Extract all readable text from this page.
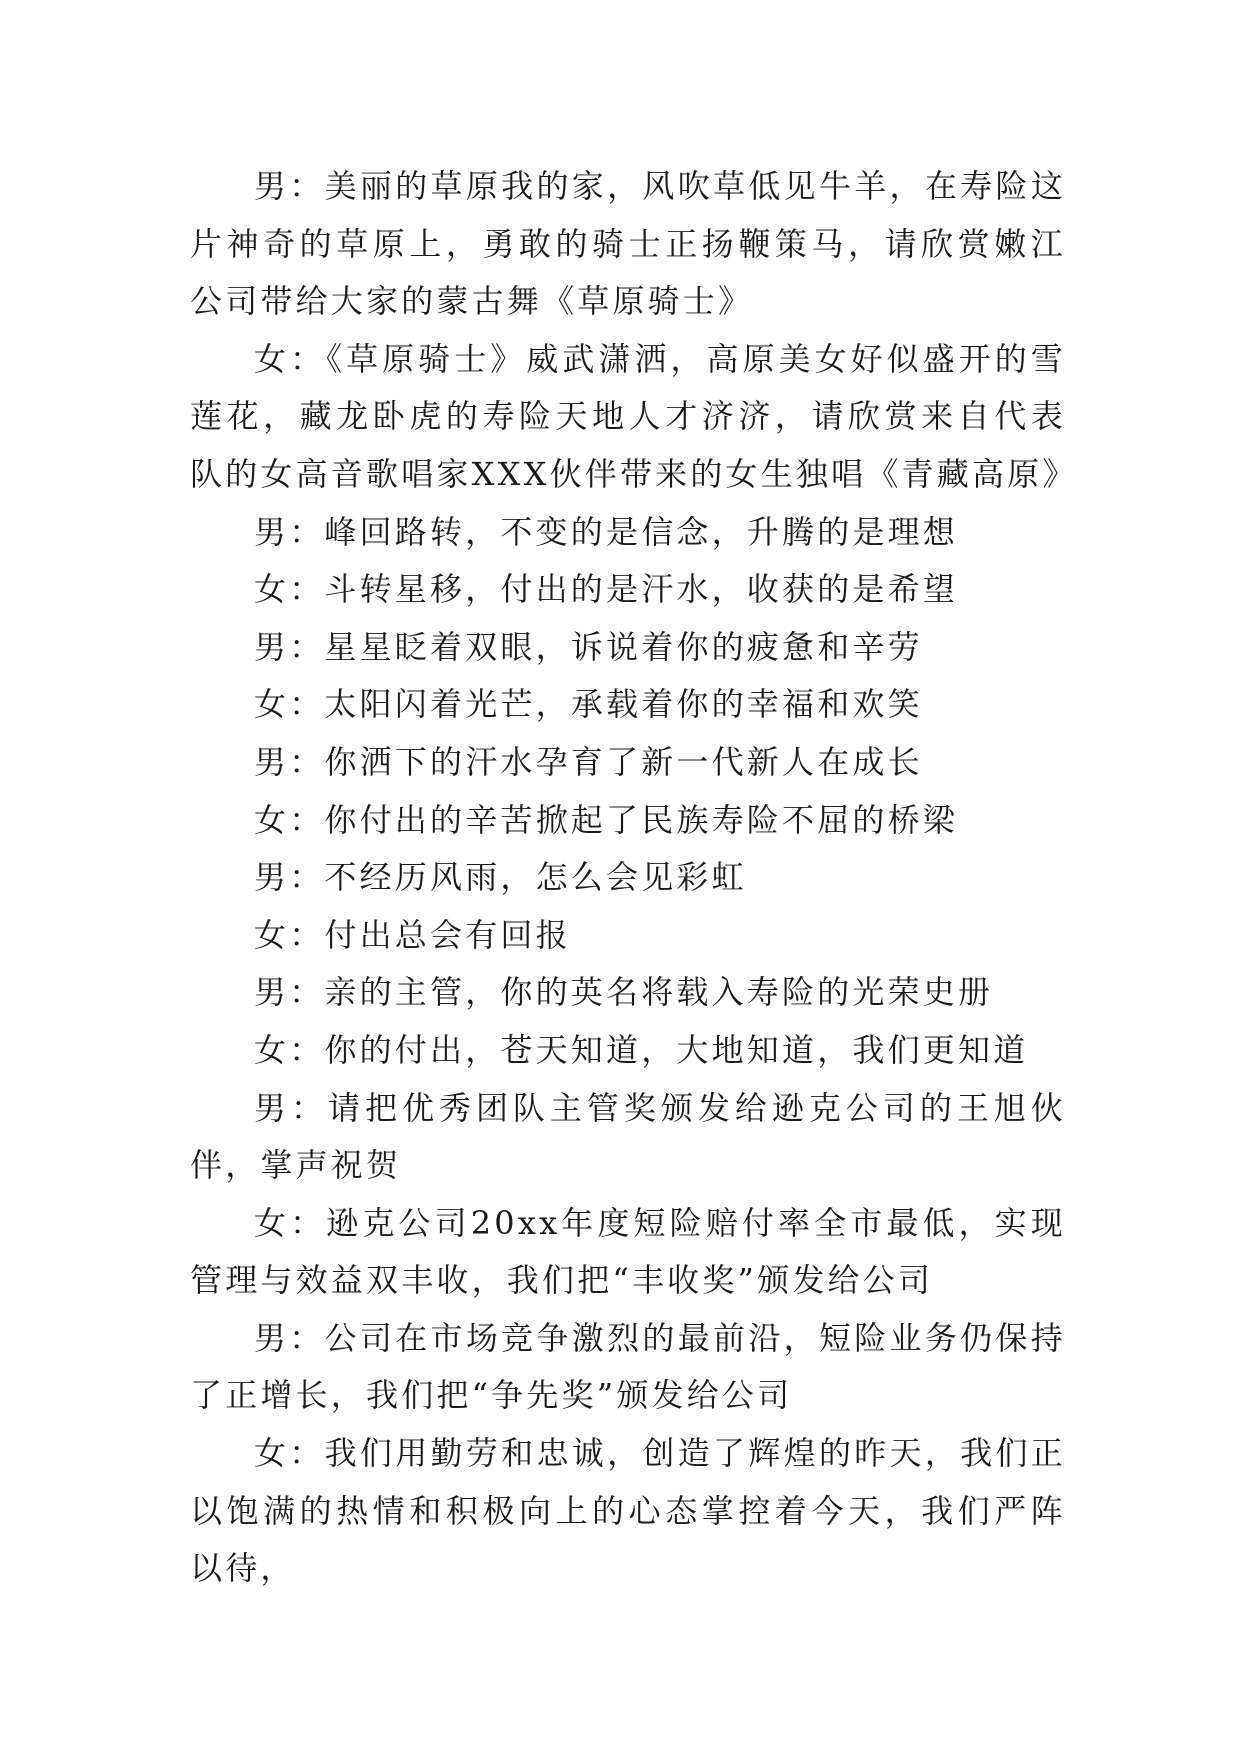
男：美丽的草原我的家，风吹草低见牛羊，在寿险这片神奇的草原上，勇敢的骑士正扬鞭策马，请欣赏嫩江公司带给大家的蒙古舞《草原骑士》

女：《草原骑士》威武潇洒，高原美女好似盛开的雪莲花，藏龙卧虎的寿险天地人才济济，请欣赏来自代表队的女高音歌唱家XXX伙伴带来的女生独唱《青藏高原》

男：峰回路转，不变的是信念，升腾的是理想

女：斗转星移，付出的是汗水，收获的是希望

男：星星眨着双眼，诉说着你的疲惫和辛劳

女：太阳闪着光芒，承载着你的幸福和欢笑

男：你洒下的汗水孕育了新一代新人在成长

女：你付出的辛苦掀起了民族寿险不屈的桥梁

男：不经历风雨，怎么会见彩虹

女：付出总会有回报

男：亲的主管，你的英名将载入寿险的光荣史册

女：你的付出，苍天知道，大地知道，我们更知道

男：请把优秀团队主管奖颁发给逊克公司的王旭伙伴，掌声祝贺

女：逊克公司20xx年度短险赔付率全市最低，实现管理与效益双丰收，我们把“丰收奖”颁发给公司

男：公司在市场竞争激烈的最前沿，短险业务仍保持了正增长，我们把“争先奖”颁发给公司

女：我们用勤劳和忠诚，创造了辉煌的昨天，我们正以饱满的热情和积极向上的心态掌控着今天，我们严阵以待，
